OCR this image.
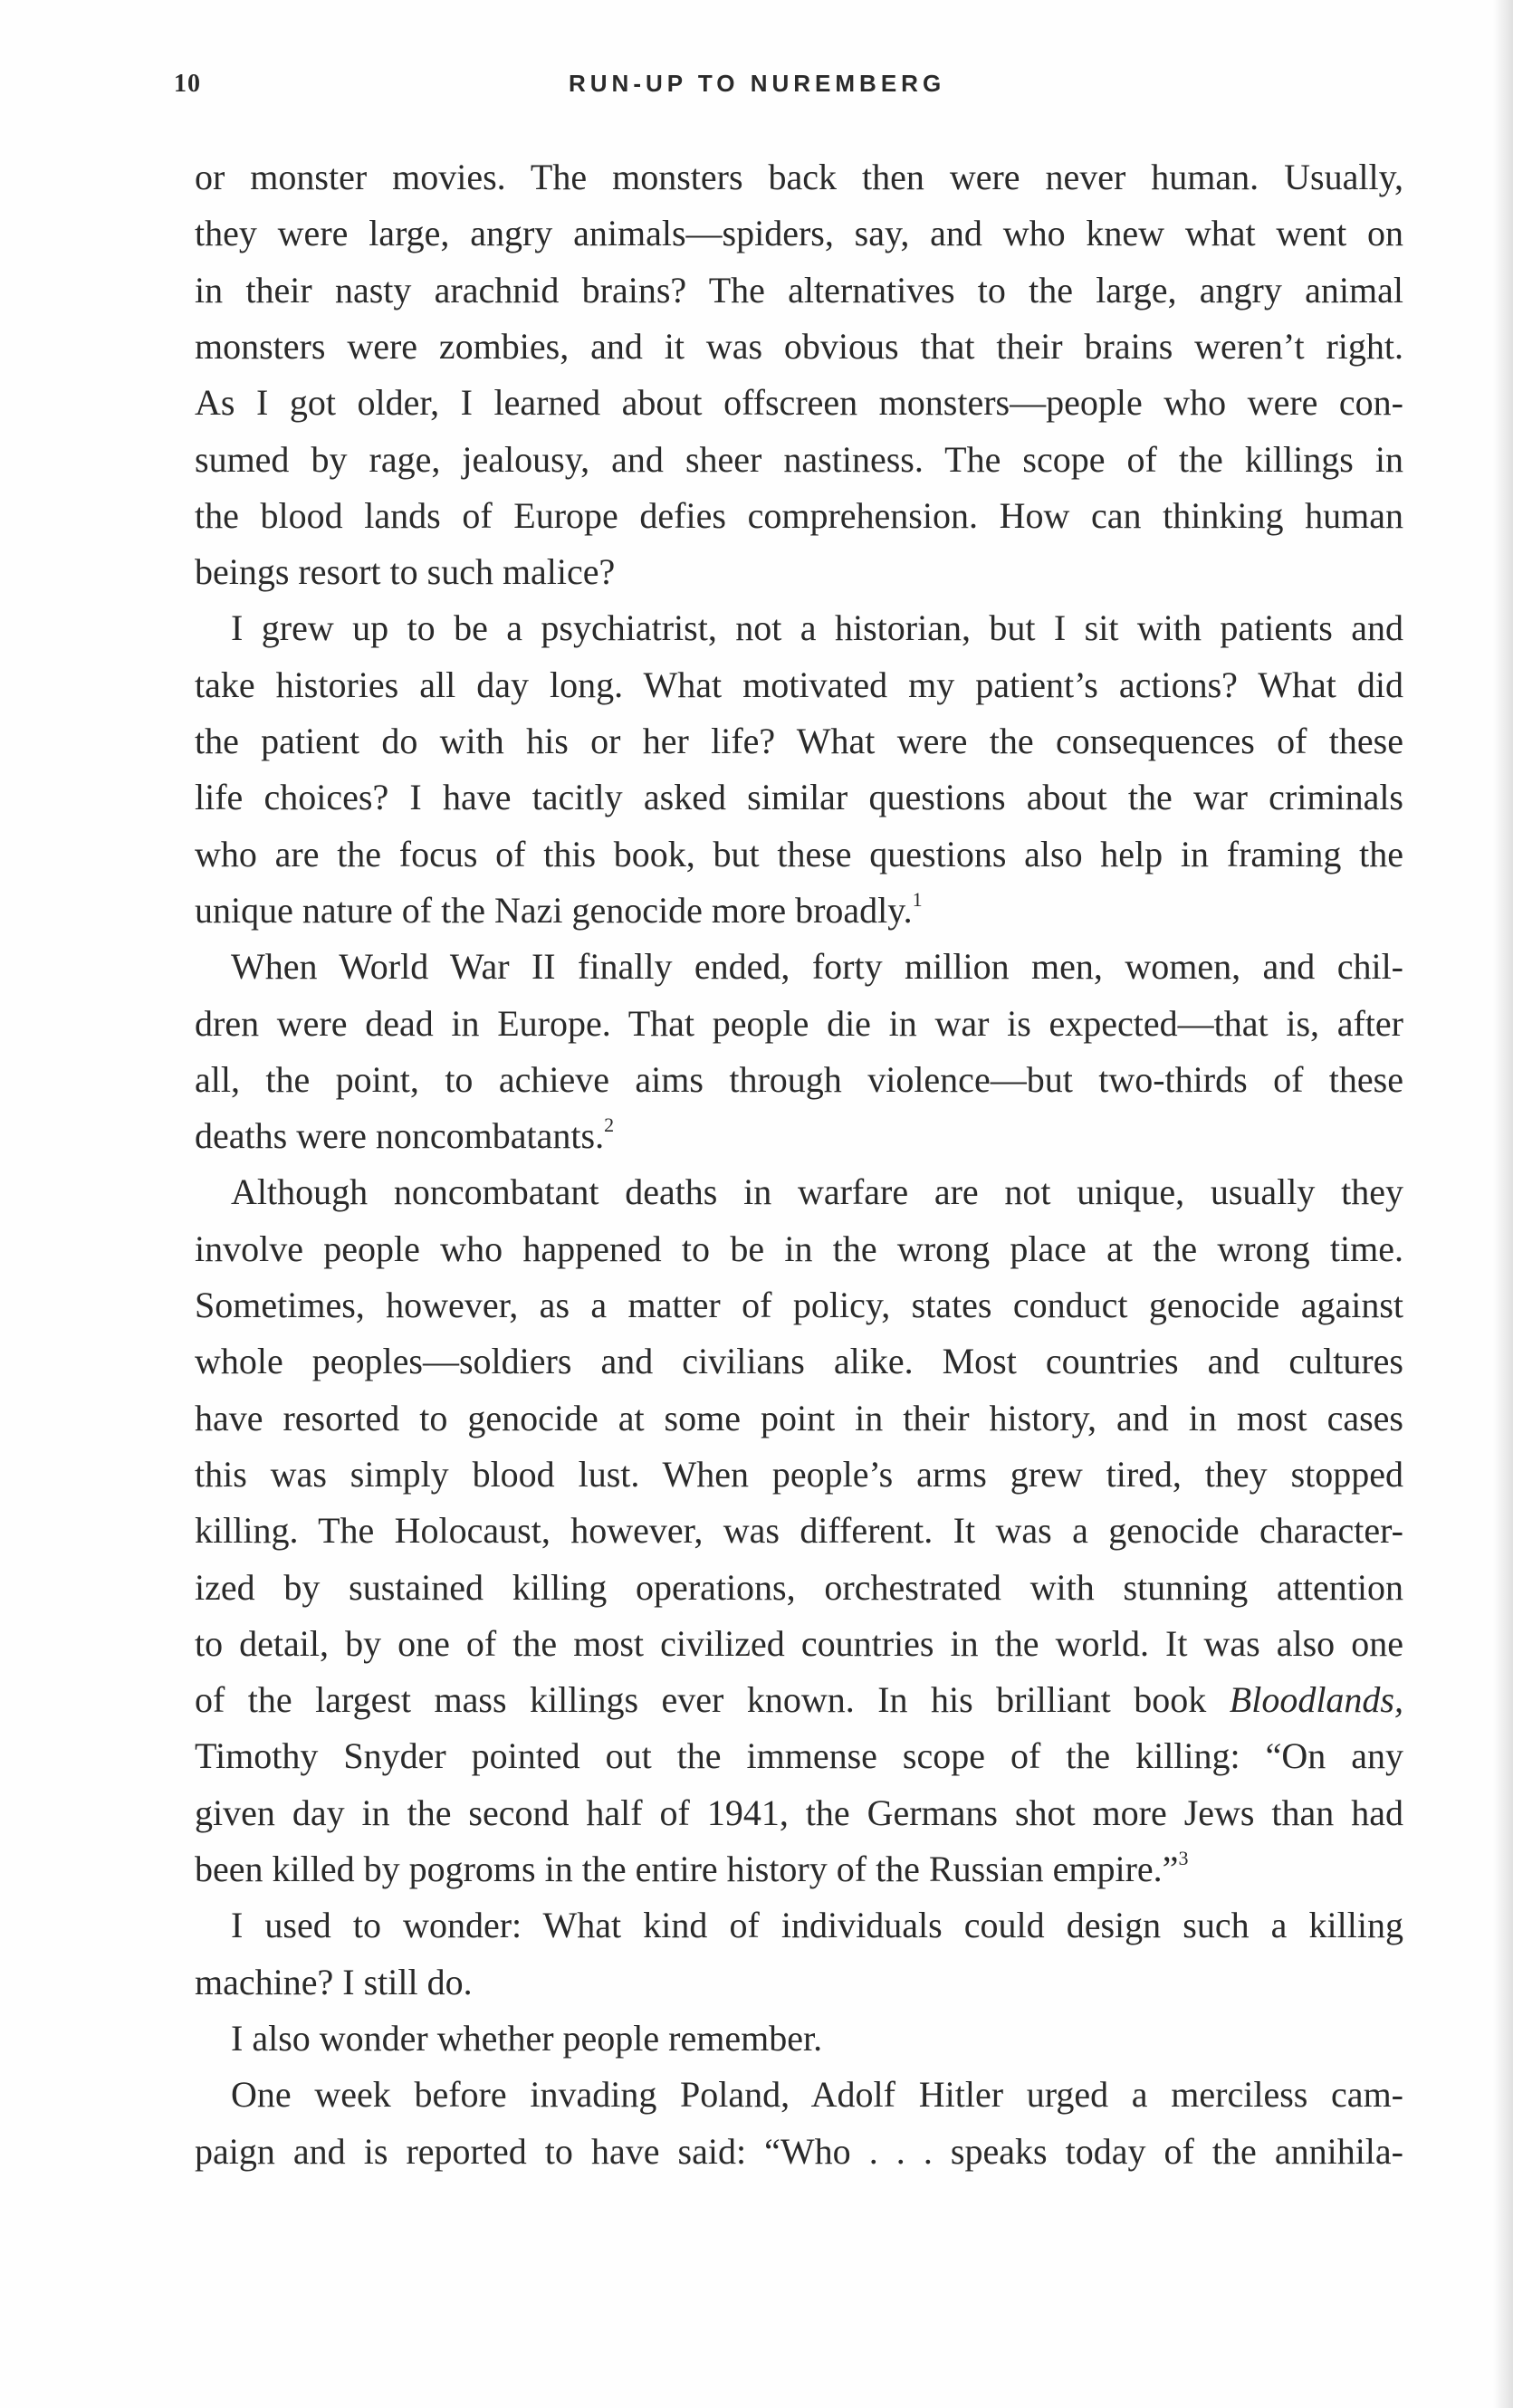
10	RUN-UP TO NUREMBERG
or monster movies. The monsters back then were never human. Usually,
they were large, angry animals—spiders, say, and who knew what went on
in their nasty arachnid brains? The alternatives to the large, angry animal
monsters were zombies, and it was obvious that their brains weren’t right.
As I got older, I learned about offscreen monsters—people who were con-
sumed by rage, jealousy, and sheer nastiness. The scope of the killings in
the blood lands of Europe defies comprehension. How can thinking human
beings resort to such malice?
I grew up to be a psychiatrist, not a historian, but I sit with patients and
take histories all day long. What motivated my patient’s actions? What did
the patient do with his or her life? What were the consequences of these
life choices? I have tacitly asked similar questions about the war criminals
who are the focus of this book, but these questions also help in framing the
unique nature of the Nazi genocide more broadly.$^1$
When World War II finally ended, forty million men, women, and chil-
dren were dead in Europe. That people die in war is expected—that is, after
all, the point, to achieve aims through violence—but two-thirds of these
deaths were noncombatants.$^2$
Although noncombatant deaths in warfare are not unique, usually they
involve people who happened to be in the wrong place at the wrong time.
Sometimes, however, as a matter of policy, states conduct genocide against
whole peoples—soldiers and civilians alike. Most countries and cultures
have resorted to genocide at some point in their history, and in most cases
this was simply blood lust. When people’s arms grew tired, they stopped
killing. The Holocaust, however, was different. It was a genocide character-
ized by sustained killing operations, orchestrated with stunning attention
to detail, by one of the most civilized countries in the world. It was also one
of the largest mass killings ever known. In his brilliant book Bloodlands,
Timothy Snyder pointed out the immense scope of the killing: “On any
given day in the second half of 1941, the Germans shot more Jews than had
been killed by pogroms in the entire history of the Russian empire.”$^3$
I used to wonder: What kind of individuals could design such a killing
machine? I still do.
I also wonder whether people remember.
One week before invading Poland, Adolf Hitler urged a merciless cam-
paign and is reported to have said: “Who . . . speaks today of the annihila-
